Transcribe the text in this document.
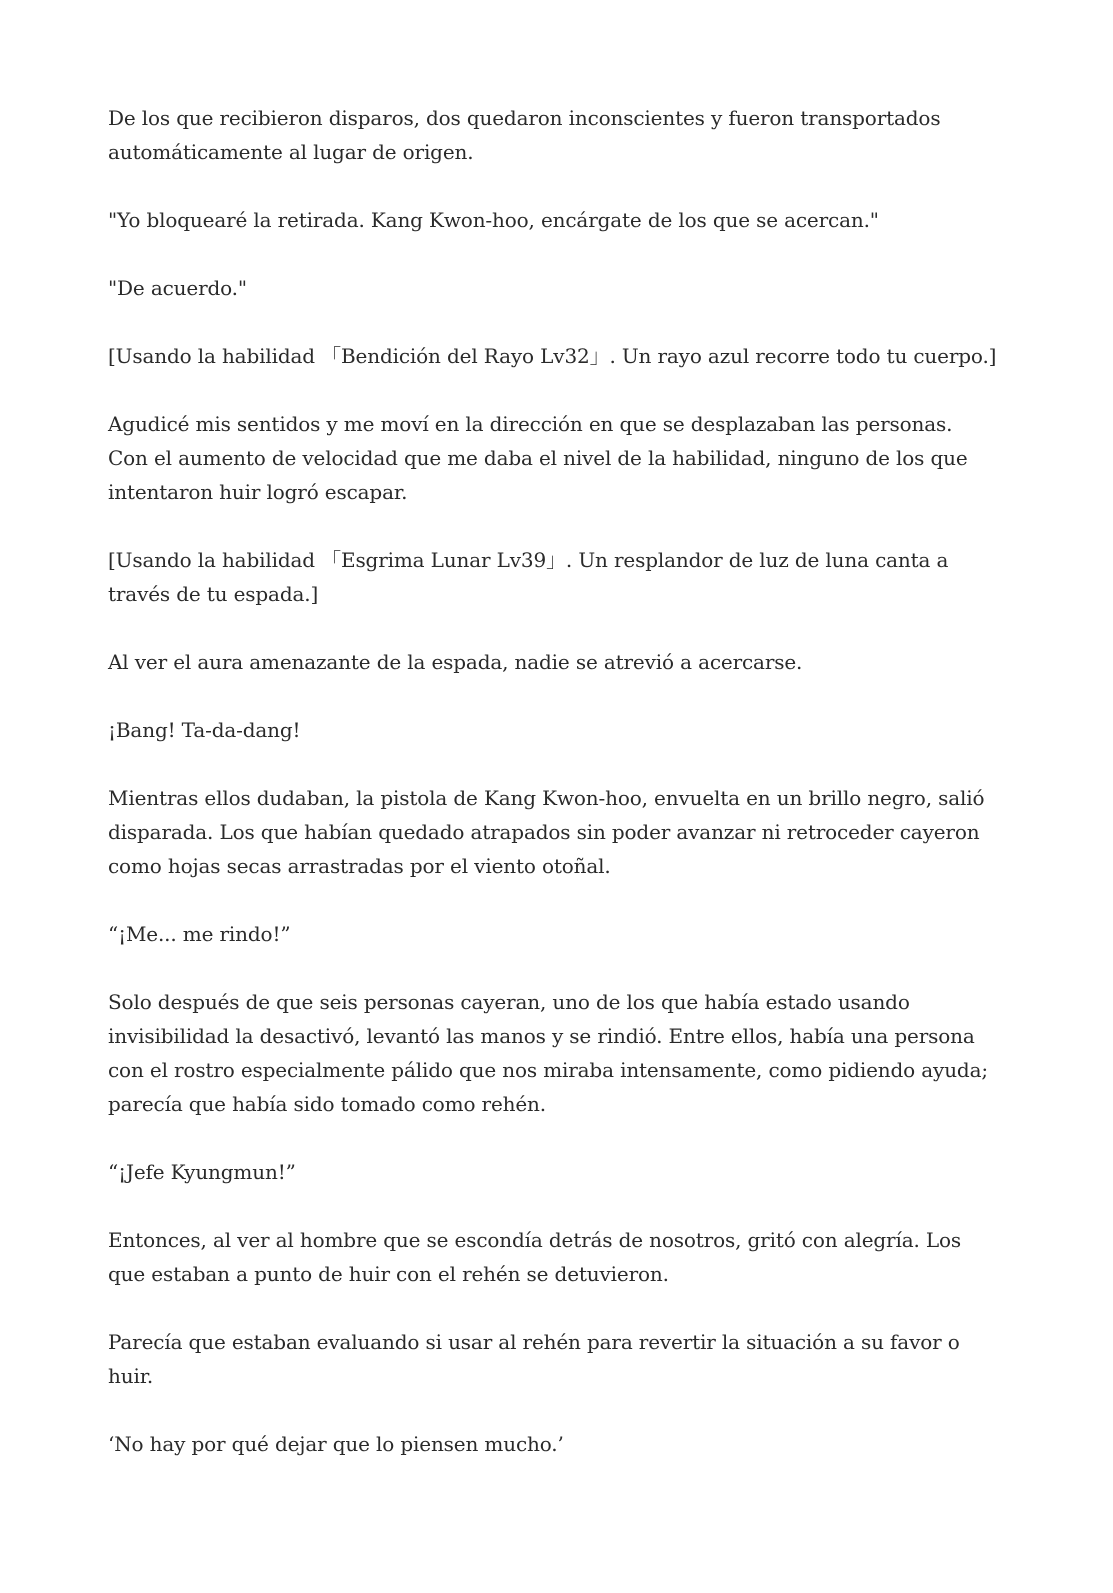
De los que recibieron disparos, dos quedaron inconscientes y fueron transportados automáticamente al lugar de origen.

"Yo bloquearé la retirada. Kang Kwon-hoo, encárgate de los que se acercan."

"De acuerdo."

[Usando la habilidad 「Bendición del Rayo Lv32」. Un rayo azul recorre todo tu cuerpo.]

Agudicé mis sentidos y me moví en la dirección en que se desplazaban las personas. Con el aumento de velocidad que me daba el nivel de la habilidad, ninguno de los que intentaron huir logró escapar.

[Usando la habilidad 「Esgrima Lunar Lv39」. Un resplandor de luz de luna canta a través de tu espada.]

Al ver el aura amenazante de la espada, nadie se atrevió a acercarse.

¡Bang! Ta-da-dang!

Mientras ellos dudaban, la pistola de Kang Kwon-hoo, envuelta en un brillo negro, salió disparada. Los que habían quedado atrapados sin poder avanzar ni retroceder cayeron como hojas secas arrastradas por el viento otoñal.

“¡Me... me rindo!”

Solo después de que seis personas cayeran, uno de los que había estado usando invisibilidad la desactivó, levantó las manos y se rindió. Entre ellos, había una persona con el rostro especialmente pálido que nos miraba intensamente, como pidiendo ayuda; parecía que había sido tomado como rehén.

“¡Jefe Kyungmun!”

Entonces, al ver al hombre que se escondía detrás de nosotros, gritó con alegría. Los que estaban a punto de huir con el rehén se detuvieron.

Parecía que estaban evaluando si usar al rehén para revertir la situación a su favor o huir.

‘No hay por qué dejar que lo piensen mucho.’
